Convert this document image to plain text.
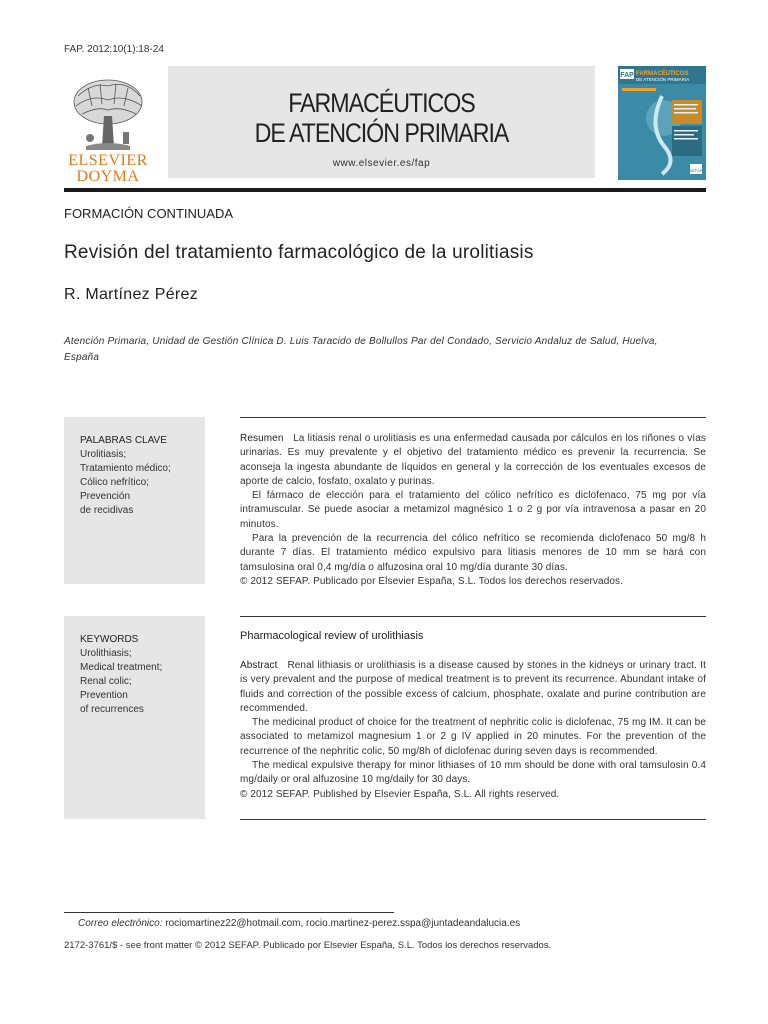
FAP. 2012;10(1):18-24
ELSEVIER
DOYMA
FARMACÉUTICOS
DE ATENCIÓN PRIMARIA
www.elsevier.es/fap
FAP FARMACÉUTICOS
DE ATENCIÓN PRIMARIA
SEFAP
FORMACIÓN CONTINUADA
Revisión del tratamiento farmacológico de la urolitiasis
R. Martínez Pérez
Atención Primaria, Unidad de Gestión Clínica D. Luis Taracido de Bollullos Par del Condado, Servicio Andaluz de Salud, Huelva, España
PALABRAS CLAVE
Urolitiasis;
Tratamiento médico;
Cólico nefrítico;
Prevención
de recidivas

Resumen La litiasis renal o urolitiasis es una enfermedad causada por cálculos en los riñones o vías urinarias. Es muy prevalente y el objetivo del tratamiento médico es prevenir la recurrencia. Se aconseja la ingesta abundante de líquidos en general y la corrección de los eventuales excesos de aporte de calcio, fosfato, oxalato y purinas.

El fármaco de elección para el tratamiento del cólico nefrítico es diclofenaco, 75 mg por vía intramuscular. Se puede asociar a metamizol magnésico 1 o 2 g por vía intravenosa a pasar en 20 minutos.

Para la prevención de la recurrencia del cólico nefrítico se recomienda diclofenaco 50 mg/8 h durante 7 días. El tratamiento médico expulsivo para litiasis menores de 10 mm se hará con tamsulosina oral 0,4 mg/día o alfuzosina oral 10 mg/día durante 30 días.

© 2012 SEFAP. Publicado por Elsevier España, S.L. Todos los derechos reservados.

KEYWORDS
Urolithiasis;
Medical treatment;
Renal colic;
Prevention
of recurrences
Pharmacological review of urolithiasis

Abstract Renal lithiasis or urolithiasis is a disease caused by stones in the kidneys or urinary tract. It is very prevalent and the purpose of medical treatment is to prevent its recurrence. Abundant intake of fluids and correction of the possible excess of calcium, phosphate, oxalate and purine contribution are recommended.

The medicinal product of choice for the treatment of nephritic colic is diclofenac, 75 mg IM. It can be associated to metamizol magnesium 1 or 2 g IV applied in 20 minutes. For the prevention of the recurrence of the nephritic colic, 50 mg/8h of diclofenac during seven days is recommended.

The medical expulsive therapy for minor lithiases of 10 mm should be done with oral tamsulosin 0.4 mg/daily or oral alfuzosine 10 mg/daily for 30 days.

© 2012 SEFAP. Published by Elsevier España, S.L. All rights reserved.

Correo electrónico: rociomartinez22@hotmail.com, rocio.martinez-perez.sspa@juntadeandalucia.es
2172-3761/$ - see front matter © 2012 SEFAP. Publicado por Elsevier España, S.L. Todos los derechos reservados.
